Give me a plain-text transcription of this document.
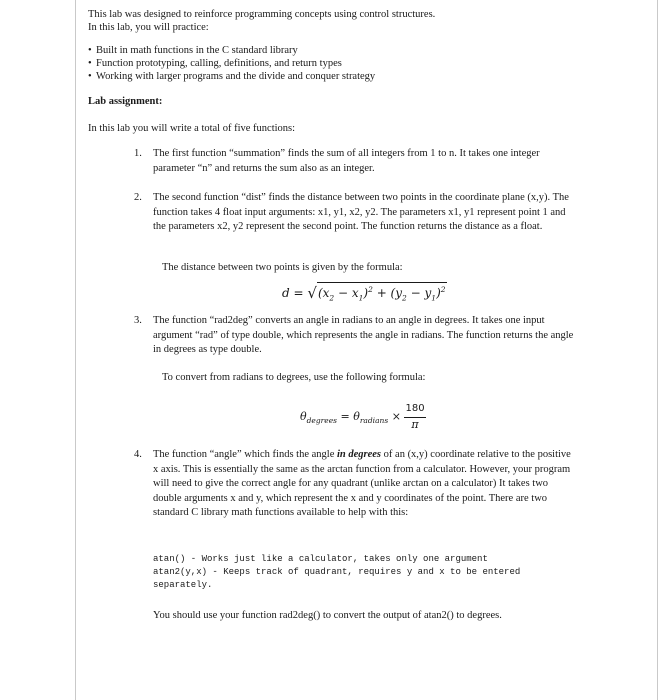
This lab was designed to reinforce programming concepts using control structures.
In this lab, you will practice:
• Built in math functions in the C standard library
• Function prototyping, calling, definitions, and return types
• Working with larger programs and the divide and conquer strategy
Lab assignment:
In this lab you will write a total of five functions:
1.	The first function “summation” finds the sum of all integers from 1 to n. It takes one integer parameter “n” and returns the sum also as an integer.
2.	The second function “dist” finds the distance between two points in the coordinate plane (x,y). The function takes 4 float input arguments: x1, y1, x2, y2. The parameters x1, y1 represent point 1 and the parameters x2, y2 represent the second point. The function returns the distance as a float.
The distance between two points is given by the formula:
$d = √(x_2 - x_1)^2 + (y_2 - y_1)^2$
3.	The function “rad2deg” converts an angle in radians to an angle in degrees. It takes one input argument “rad” of type double, which represents the angle in radians. The function returns the angle in degrees as type double.
To convert from radians to degrees, use the following formula:
$\theta_{degrees} = \theta_{radians} \times \frac{180}{\pi}$
4.	The function “angle” which finds the angle in degrees of an (x,y) coordinate relative to the positive x axis. This is essentially the same as the arctan function from a calculator. However, your program will need to give the correct angle for any quadrant (unlike arctan on a calculator) It takes two double arguments x and y, which represent the x and y coordinates of the point. There are two standard C library math functions available to help with this:
atan() - Works just like a calculator, takes only one argument
atan2(y,x) - Keeps track of quadrant, requires y and x to be entered
separately.
You should use your function rad2deg() to convert the output of atan2() to degrees.
